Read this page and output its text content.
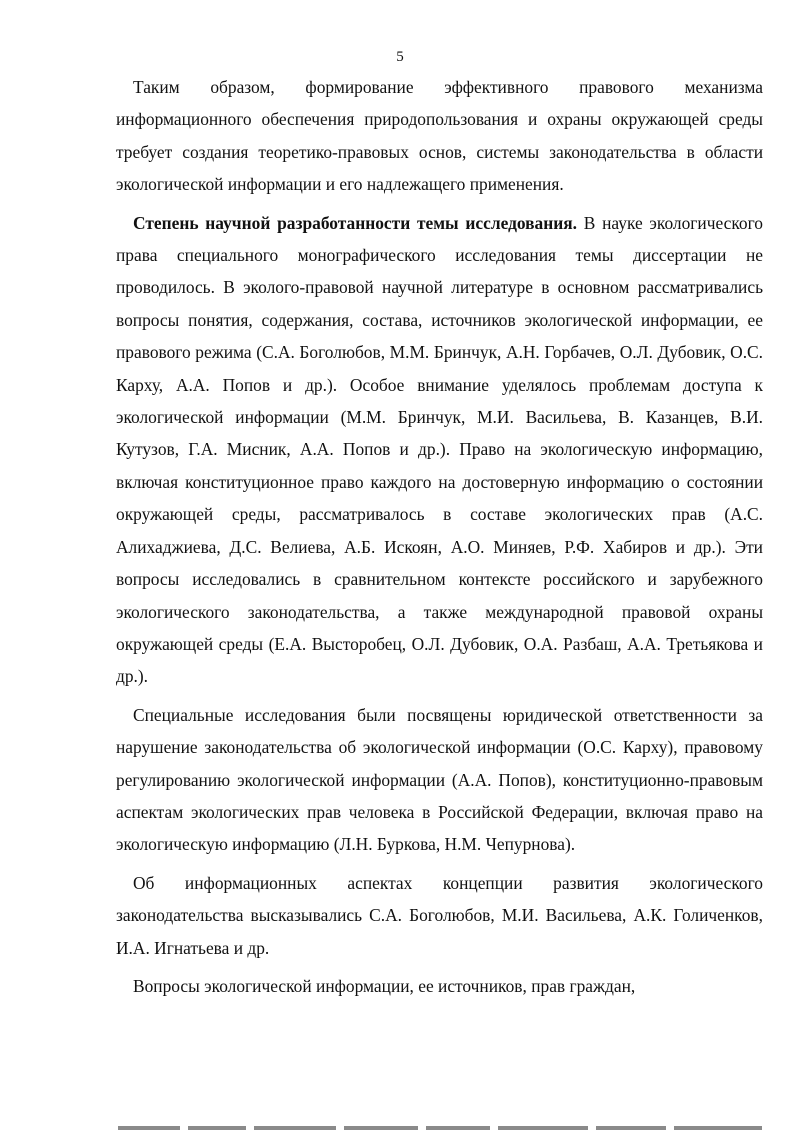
5

Таким образом, формирование эффективного правового механизма информационного обеспечения природопользования и охраны окружающей среды требует создания теоретико-правовых основ, системы законодательства в области экологической информации и его надлежащего применения.

Степень научной разработанности темы исследования. В науке экологического права специального монографического исследования темы диссертации не проводилось. В эколого-правовой научной литературе в основном рассматривались вопросы понятия, содержания, состава, источников экологической информации, ее правового режима (С.А. Боголюбов, М.М. Бринчук, А.Н. Горбачев, О.Л. Дубовик, О.С. Карху, А.А. Попов и др.). Особое внимание уделялось проблемам доступа к экологической информации (М.М. Бринчук, М.И. Васильева, В. Казанцев, В.И. Кутузов, Г.А. Мисник, А.А. Попов и др.). Право на экологическую информацию, включая конституционное право каждого на достоверную информацию о состоянии окружающей среды, рассматривалось в составе экологических прав (А.С. Алихаджиева, Д.С. Велиева, А.Б. Искоян, А.О. Миняев, Р.Ф. Хабиров и др.). Эти вопросы исследовались в сравнительном контексте российского и зарубежного экологического законодательства, а также международной правовой охраны окружающей среды (Е.А. Высторобец, О.Л. Дубовик, О.А. Разбаш, А.А. Третьякова и др.).

Специальные исследования были посвящены юридической ответственности за нарушение законодательства об экологической информации (О.С. Карху), правовому регулированию экологической информации (А.А. Попов), конституционно-правовым аспектам экологических прав человека в Российской Федерации, включая право на экологическую информацию (Л.Н. Буркова, Н.М. Чепурнова).

Об информационных аспектах концепции развития экологического законодательства высказывались С.А. Боголюбов, М.И. Васильева, А.К. Голиченков, И.А. Игнатьева и др.

Вопросы экологической информации, ее источников, прав граждан,
